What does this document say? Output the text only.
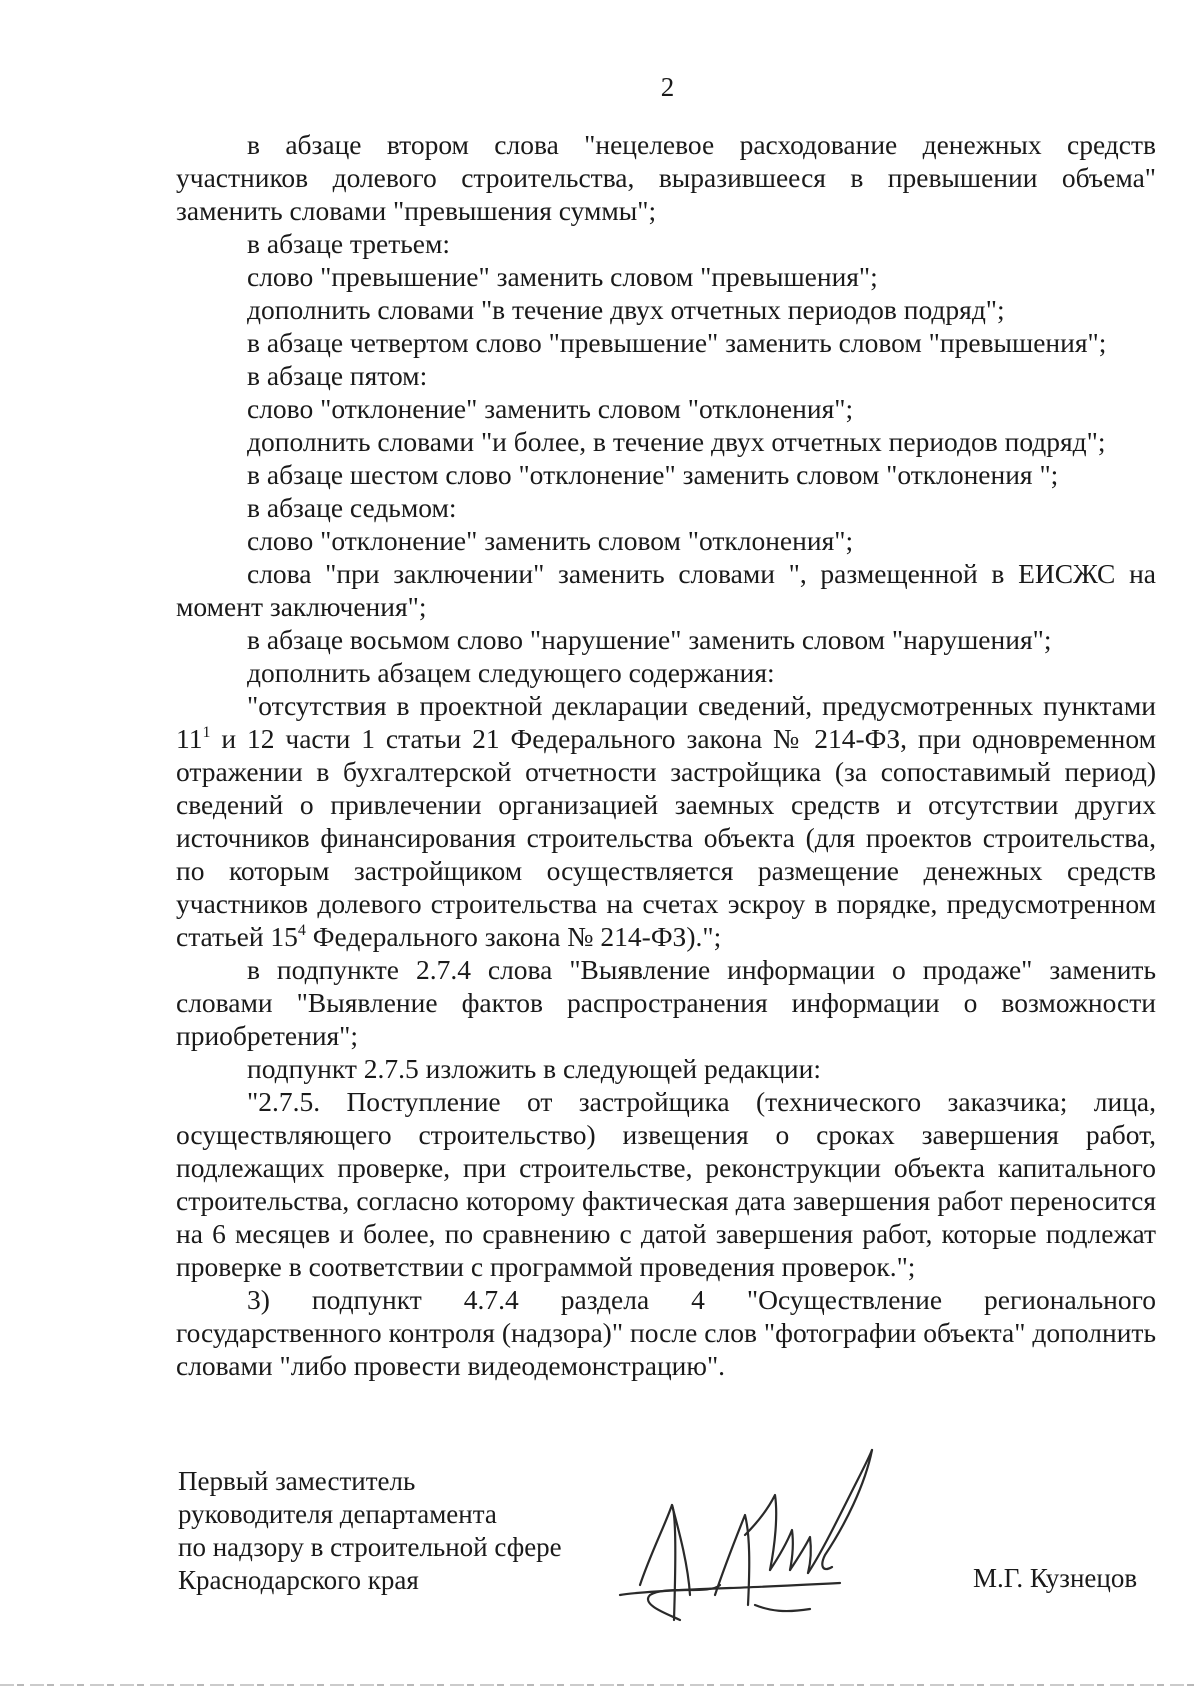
2

в абзаце втором слова "нецелевое расходование денежных средств участников долевого строительства, выразившееся в превышении объема" заменить словами "превышения суммы";

в абзаце третьем:

слово "превышение" заменить словом "превышения";

дополнить словами "в течение двух отчетных периодов подряд";

в абзаце четвертом слово "превышение" заменить словом "превышения";

в абзаце пятом:

слово "отклонение" заменить словом "отклонения";

дополнить словами "и более, в течение двух отчетных периодов подряд";

в абзаце шестом слово "отклонение" заменить словом "отклонения ";

в абзаце седьмом:

слово "отклонение" заменить словом "отклонения";

слова "при заключении" заменить словами ", размещенной в ЕИСЖС на момент заключения";

в абзаце восьмом слово "нарушение" заменить словом "нарушения";

дополнить абзацем следующего содержания:

"отсутствия в проектной декларации сведений, предусмотренных пунктами $11^1$ и 12 части 1 статьи 21 Федерального закона № 214-ФЗ, при одновременном отражении в бухгалтерской отчетности застройщика (за сопоставимый период) сведений о привлечении организацией заемных средств и отсутствии других источников финансирования строительства объекта (для проектов строительства, по которым застройщиком осуществляется размещение денежных средств участников долевого строительства на счетах эскроу в порядке, предусмотренном статьей $15^4$ Федерального закона № 214-ФЗ).";

в подпункте 2.7.4 слова "Выявление информации о продаже" заменить словами "Выявление фактов распространения информации о возможности приобретения";

подпункт 2.7.5 изложить в следующей редакции:

"2.7.5. Поступление от застройщика (технического заказчика; лица, осуществляющего строительство) извещения о сроках завершения работ, подлежащих проверке, при строительстве, реконструкции объекта капитального строительства, согласно которому фактическая дата завершения работ переносится на 6 месяцев и более, по сравнению с датой завершения работ, которые подлежат проверке в соответствии с программой проведения проверок.";

3) подпункт 4.7.4 раздела 4 "Осуществление регионального государственного контроля (надзора)" после слов "фотографии объекта" дополнить словами "либо провести видеодемонстрацию".

Первый заместитель
руководителя департамента
по надзору в строительной сфере
Краснодарского края	М.Г. Кузнецов
